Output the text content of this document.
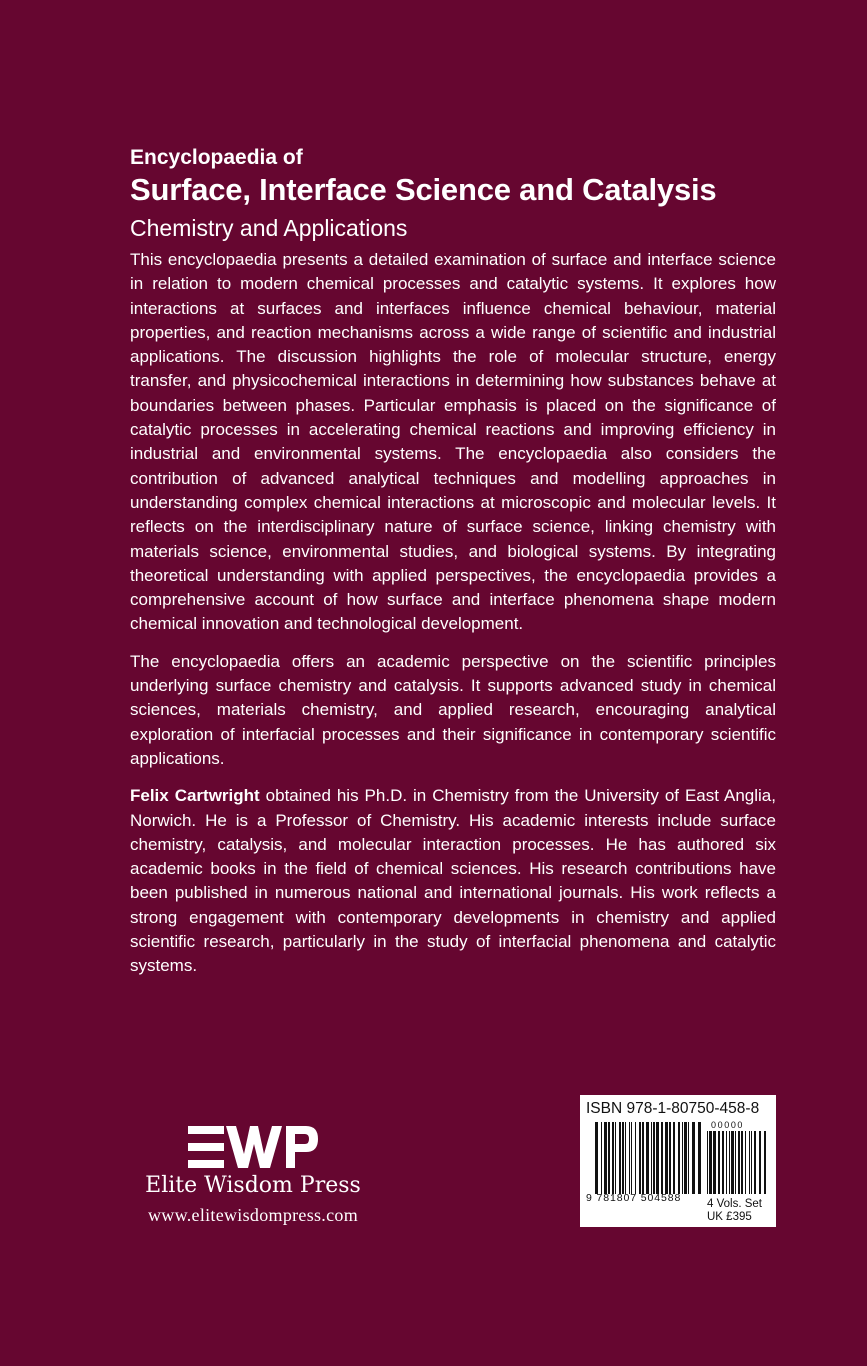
Encyclopaedia of
Surface, Interface Science and Catalysis
Chemistry and Applications

This encyclopaedia presents a detailed examination of surface and interface science in relation to modern chemical processes and catalytic systems. It explores how interactions at surfaces and interfaces influence chemical behaviour, material properties, and reaction mechanisms across a wide range of scientific and industrial applications. The discussion highlights the role of molecular structure, energy transfer, and physicochemical interactions in determining how substances behave at boundaries between phases. Particular emphasis is placed on the significance of catalytic processes in accelerating chemical reactions and improving efficiency in industrial and environmental systems. The encyclopaedia also considers the contribution of advanced analytical techniques and modelling approaches in understanding complex chemical interactions at microscopic and molecular levels. It reflects on the interdisciplinary nature of surface science, linking chemistry with materials science, environmental studies, and biological systems. By integrating theoretical understanding with applied perspectives, the encyclopaedia provides a comprehensive account of how surface and interface phenomena shape modern chemical innovation and technological development.

The encyclopaedia offers an academic perspective on the scientific principles underlying surface chemistry and catalysis. It supports advanced study in chemical sciences, materials chemistry, and applied research, encouraging analytical exploration of interfacial processes and their significance in contemporary scientific applications.

Felix Cartwright obtained his Ph.D. in Chemistry from the University of East Anglia, Norwich. He is a Professor of Chemistry. His academic interests include surface chemistry, catalysis, and molecular interaction processes. He has authored six academic books in the field of chemical sciences. His research contributions have been published in numerous national and international journals. His work reflects a strong engagement with contemporary developments in chemistry and applied scientific research, particularly in the study of interfacial phenomena and catalytic systems.

Elite Wisdom Press
www.elitewisdompress.com
ISBN 978-1-80750-458-8
00000
9 781807 504588 4 Vols. Set
UK £395
